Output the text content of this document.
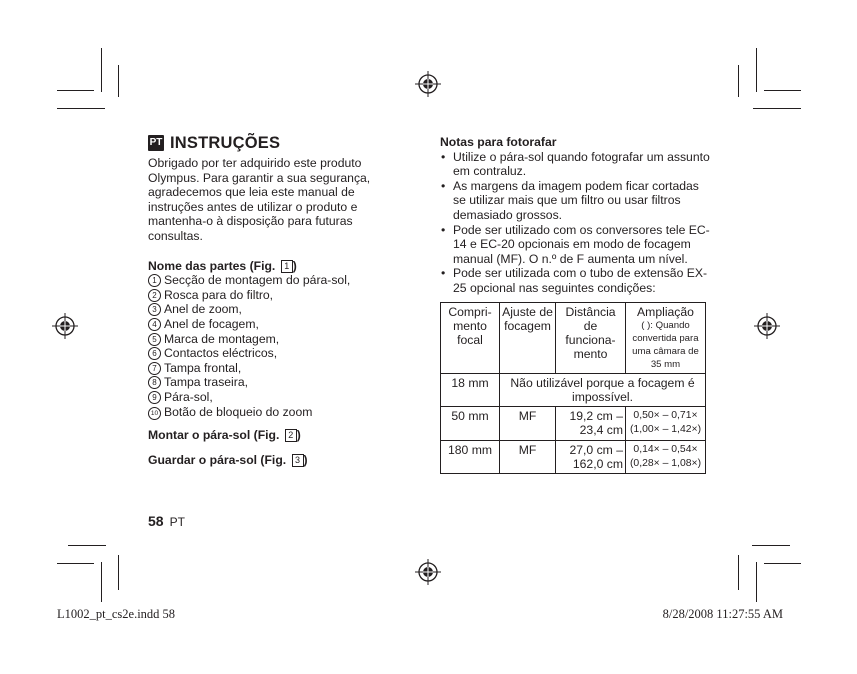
PT INSTRUÇÕES

Obrigado por ter adquirido este produto Olympus. Para garantir a sua segurança, agradecemos que leia este manual de instruções antes de utilizar o produto e mantenha-o à disposição para futuras consultas.

Nome das partes (Fig. 1 )

1 Secção de montagem do pára-sol,
2 Rosca para do filtro,
3 Anel de zoom,
4 Anel de focagem,
5 Marca de montagem,
6 Contactos eléctricos,
7 Tampa frontal,
8 Tampa traseira,
9 Pára-sol,
10 Botão de bloqueio do zoom

Montar o pára-sol (Fig. 2 )

Guardar o pára-sol (Fig. 3 )

Notas para fotorafar

• Utilize o pára-sol quando fotografar um assunto em contraluz.
• As margens da imagem podem ficar cortadas se utilizar mais que um filtro ou usar filtros demasiado grossos.
• Pode ser utilizado com os conversores tele EC-14 e EC-20 opcionais em modo de focagem manual (MF). O n.º de F aumenta um nível.
• Pode ser utilizada com o tubo de extensão EX-25 opcional nas seguintes condições:
Compri-mento focal	Ajuste de focagem	Distância de funciona-mento	Ampliação
( ): Quando convertida para uma câmara de 35 mm

18 mm	Não utilizável porque a focagem é impossível.		
50 mm	MF	19,2 cm – 23,4 cm	0,50× – 0,71×
(1,00× – 1,42×)

180 mm	MF	27,0 cm – 162,0 cm	0,14× – 0,54×
(0,28× – 1,08×)
58 PT
L1002_pt_cs2e.indd 58	8/28/2008 11:27:55 AM
